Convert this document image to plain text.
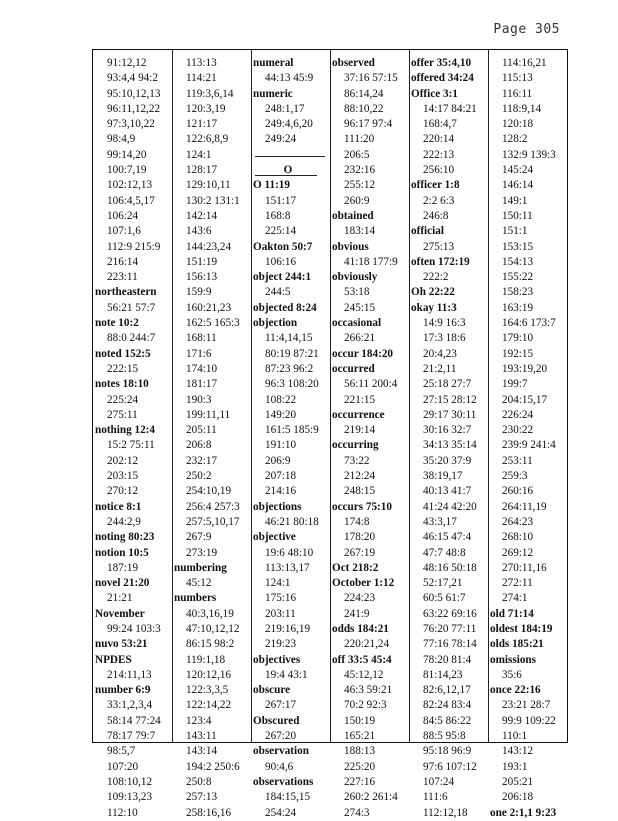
Page 305
91:12,12
93:4,4 94:2
95:10,12,13
96:11,12,22
97:3,10,22
98:4,9
99:14,20
100:7,19
102:12,13
106:4,5,17
106:24
107:1,6
112:9 215:9
216:14
223:11
northeastern
56:21 57:7
note 10:2
88:0 244:7
noted 152:5
222:15
notes 18:10
225:24
275:11
nothing 12:4
15:2 75:11
202:12
203:15
270:12
notice 8:1
244:2,9
noting 80:23
notion 10:5
187:19
novel 21:20
21:21
November
99:24 103:3
nuvo 53:21
NPDES
214:11,13
number 6:9
33:1,2,3,4
58:14 77:24
78:17 79:7
98:5,7
107:20
108:10,12
109:13,23
112:10
113:13
114:21
119:3,6,14
120:3,19
121:17
122:6,8,9
124:1
128:17
129:10,11
130:2 131:1
142:14
143:6
144:23,24
151:19
156:13
159:9
160:21,23
162:5 165:3
168:11
171:6
174:10
181:17
190:3
199:11,11
205:11
206:8
232:17
250:2
254:10,19
256:4 257:3
257:5,10,17
267:9
273:19
numbering
45:12
numbers
40:3,16,19
47:10,12,12
86:15 98:2
119:1,18
120:12,16
122:3,3,5
122:14,22
123:4
143:11
143:14
194:2 250:6
250:8
257:13
258:16,16
numeral
44:13 45:9
numeric
248:1,17
249:4,6,20
249:24
O
O 11:19
151:17
168:8
225:14
Oakton 50:7
106:16
object 244:1
244:5
objected 8:24
objection
11:4,14,15
80:19 87:21
87:23 96:2
96:3 108:20
108:22
149:20
161:5 185:9
191:10
206:9
207:18
214:16
objections
46:21 80:18
objective
19:6 48:10
113:13,17
124:1
175:16
203:11
219:16,19
219:23
objectives
19:4 43:1
obscure
267:17
Obscured
267:20
observation
90:4,6
observations
184:15,15
254:24
observed
37:16 57:15
86:14,24
88:10,22
96:17 97:4
111:20
206:5
232:16
255:12
260:9
obtained
183:14
obvious
41:18 177:9
obviously
53:18
245:15
occasional
266:21
occur 184:20
occurred
56:11 200:4
221:15
occurrence
219:14
occurring
73:22
212:24
248:15
occurs 75:10
174:8
178:20
267:19
Oct 218:2
October 1:12
224:23
241:9
odds 184:21
220:21,24
off 33:5 45:4
45:12,12
46:3 59:21
70:2 92:3
150:19
165:21
188:13
225:20
227:16
260:2 261:4
274:3
offer 35:4,10
offered 34:24
Office 3:1
14:17 84:21
168:4,7
220:14
222:13
256:10
officer 1:8
2:2 6:3
246:8
official
275:13
often 172:19
222:2
Oh 22:22
okay 11:3
14:9 16:3
17:3 18:6
20:4,23
21:2,11
25:18 27:7
27:15 28:12
29:17 30:11
30:16 32:7
34:13 35:14
35:20 37:9
38:19,17
40:13 41:7
41:24 42:20
43:3,17
46:15 47:4
47:7 48:8
48:16 50:18
52:17,21
60:5 61:7
63:22 69:16
76:20 77:11
77:16 78:14
78:20 81:4
81:14,23
82:6,12,17
82:24 83:4
84:5 86:22
88:5 95:8
95:18 96:9
97:6 107:12
107:24
111:6
112:12,18
114:16,21
115:13
116:11
118:9,14
120:18
128:2
132:9 139:3
145:24
146:14
149:1
150:11
151:1
153:15
154:13
155:22
158:23
163:19
164:6 173:7
179:10
192:15
193:19,20
199:7
204:15,17
226:24
230:22
239:9 241:4
253:11
259:3
260:16
264:11,19
264:23
268:10
269:12
270:11,16
272:11
274:1
old 71:14
oldest 184:19
olds 185:21
omissions
35:6
once 22:16
23:21 28:7
99:9 109:22
110:1
143:12
193:1
205:21
206:18
one 2:1,1 9:23
